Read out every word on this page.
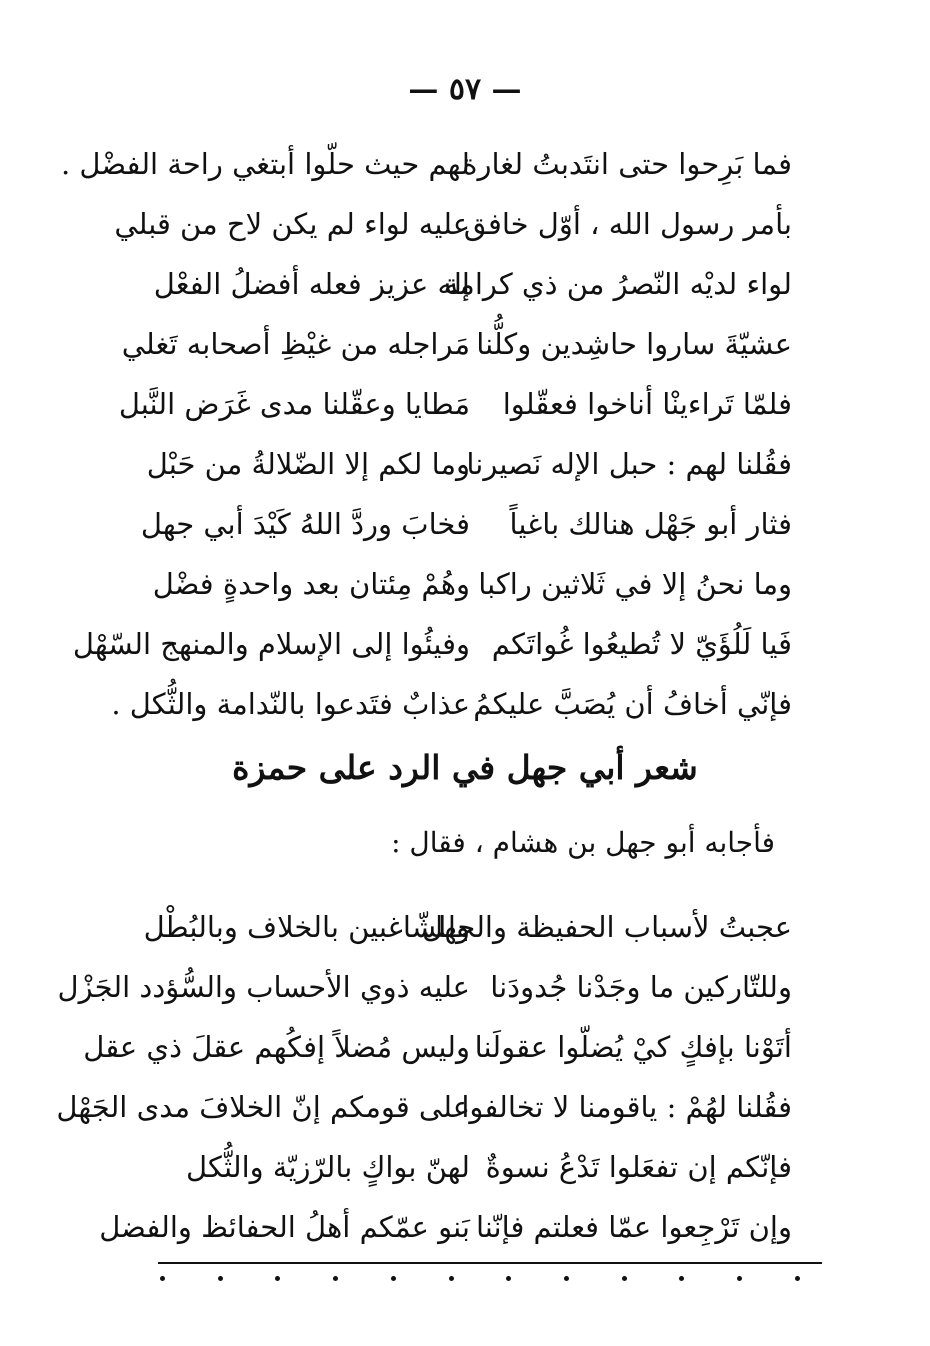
— ٥٧ —
فما بَرِحوا حتى انتَدبتُ لغارة
لهم حيث حلّوا أبتغي راحة الفضْل .
بأمر رسول الله ، أوّل خافق
عليه لواء لم يكن لاح من قبلي
لواء لديْه النّصرُ من ذي كرامة
إله عزيز فعله أفضلُ الفعْل
عشيّةَ ساروا حاشِدين وكلُّنا
مَراجله من غيْظِ أصحابه تَغلي
فلمّا تَراءينْا أناخوا فعقّلوا
مَطايا وعقّلنا مدى غَرَض النَّبل
فقُلنا لهم : حبل الإله نَصيرنا
وما لكم إلا الضّلالةُ من حَبْل
فثار أبو جَهْل هنالك باغياً
فخابَ وردَّ اللهُ كَيْدَ أبي جهل
وما نحنُ إلا في ثَلاثين راكبا
وهُمْ مِئتان بعد واحدةٍ فضْل
فَيا لَلُؤَيّ لا تُطيعُوا غُواتَكم
وفيئُوا إلى الإسلام والمنهج السّهْل
فإنّي أخافُ أن يُصَبَّ عليكمُ
عذابٌ فتَدعوا بالنّدامة والثُّكل .
شعر أبي جهل في الرد على حمزة
فأجابه أبو جهل بن هشام ، فقال :
عجبتُ لأسباب الحفيظة والجهل
وللشّاغبين بالخلاف وبالبُطْل
وللتّاركين ما وجَدْنا جُدودَنا
عليه ذوي الأحساب والسُّؤدد الجَزْل
أتَوْنا بإفكٍ كيْ يُضلّوا عقولَنا
وليس مُضلاً إفكُهم عقلَ ذي عقل
فقُلنا لهُمْ : ياقومنا لا تخالفوا
على قومكم إنّ الخلافَ مدى الجَهْل
فإنّكم إن تفعَلوا تَدْعُ نسوةٌ
لهنّ بواكٍ بالرّزيّة والثُّكل
وإن تَرْجِعوا عمّا فعلتم فإنّنا
بَنو عمّكم أهلُ الحفائظ والفضل
